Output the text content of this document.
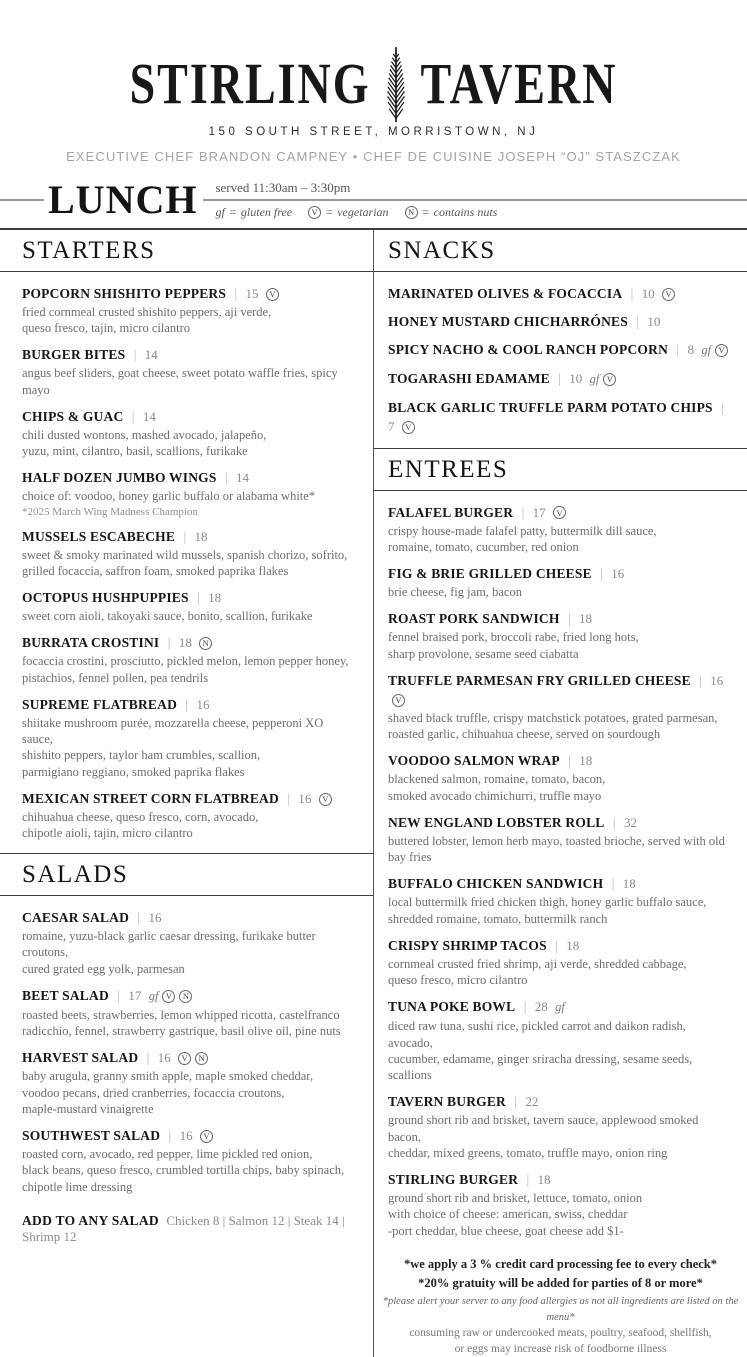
STIRLING TAVERN
150 SOUTH STREET, MORRISTOWN, NJ
EXECUTIVE CHEF BRANDON CAMPNEY • CHEF DE CUISINE JOSEPH “OJ” STASZCZAK
LUNCH	served 11:30am – 3:30pm
gf = gluten free	V = vegetarian	N = contains nuts
STARTERS
POPCORN SHISHITO PEPPERS | 15 V
fried cornmeal crusted shishito peppers, aji verde,
queso fresco, tajin, micro cilantro
BURGER BITES | 14
angus beef sliders, goat cheese, sweet potato waffle fries, spicy mayo
CHIPS & GUAC | 14
chili dusted wontons, mashed avocado, jalapeño,
yuzu, mint, cilantro, basil, scallions, furikake
HALF DOZEN JUMBO WINGS | 14
choice of: voodoo, honey garlic buffalo or alabama white*
*2025 March Wing Madness Champion
MUSSELS ESCABECHE | 18
sweet & smoky marinated wild mussels, spanish chorizo, sofrito,
grilled focaccia, saffron foam, smoked paprika flakes
OCTOPUS HUSHPUPPIES | 18
sweet corn aioli, takoyaki sauce, bonito, scallion, furikake
BURRATA CROSTINI | 18 N
focaccia crostini, prosciutto, pickled melon, lemon pepper honey,
pistachios, fennel pollen, pea tendrils
SUPREME FLATBREAD | 16
shiitake mushroom purée, mozzarella cheese, pepperoni XO sauce,
shishito peppers, taylor ham crumbles, scallion,
parmigiano reggiano, smoked paprika flakes
MEXICAN STREET CORN FLATBREAD | 16 V
chihuahua cheese, queso fresco, corn, avocado,
chipotle aioli, tajin, micro cilantro
SALADS
CAESAR SALAD | 16
romaine, yuzu-black garlic caesar dressing, furikake butter croutons,
cured grated egg yolk, parmesan
BEET SALAD | 17 gf V N
roasted beets, strawberries, lemon whipped ricotta, castelfranco
radicchio, fennel, strawberry gastrique, basil olive oil, pine nuts
HARVEST SALAD | 16 V N
baby arugula, granny smith apple, maple smoked cheddar,
voodoo pecans, dried cranberries, focaccia croutons,
maple-mustard vinaigrette
SOUTHWEST SALAD | 16 V
roasted corn, avocado, red pepper, lime pickled red onion,
black beans, queso fresco, crumbled tortilla chips, baby spinach,
chipotle lime dressing
ADD TO ANY SALAD Chicken 8 | Salmon 12 | Steak 14 | Shrimp 12
SNACKS
MARINATED OLIVES & FOCACCIA | 10 V
HONEY MUSTARD CHICHARRÓNES | 10
SPICY NACHO & COOL RANCH POPCORN | 8 gf V
TOGARASHI EDAMAME | 10 gf V
BLACK GARLIC TRUFFLE PARM POTATO CHIPS | 7 V
ENTREES
FALAFEL BURGER | 17 V
crispy house-made falafel patty, buttermilk dill sauce,
romaine, tomato, cucumber, red onion
FIG & BRIE GRILLED CHEESE | 16
brie cheese, fig jam, bacon
ROAST PORK SANDWICH | 18
fennel braised pork, broccoli rabe, fried long hots,
sharp provolone, sesame seed ciabatta
TRUFFLE PARMESAN FRY GRILLED CHEESE | 16 V
shaved black truffle, crispy matchstick potatoes, grated parmesan,
roasted garlic, chihuahua cheese, served on sourdough
VOODOO SALMON WRAP | 18
blackened salmon, romaine, tomato, bacon,
smoked avocado chimichurri, truffle mayo
NEW ENGLAND LOBSTER ROLL | 32
buttered lobster, lemon herb mayo, toasted brioche, served with old bay fries
BUFFALO CHICKEN SANDWICH | 18
local buttermilk fried chicken thigh, honey garlic buffalo sauce,
shredded romaine, tomato, buttermilk ranch
CRISPY SHRIMP TACOS | 18
cornmeal crusted fried shrimp, aji verde, shredded cabbage,
queso fresco, micro cilantro
TUNA POKE BOWL | 28 gf
diced raw tuna, sushi rice, pickled carrot and daikon radish, avocado,
cucumber, edamame, ginger sriracha dressing, sesame seeds, scallions
TAVERN BURGER | 22
ground short rib and brisket, tavern sauce, applewood smoked bacon,
cheddar, mixed greens, tomato, truffle mayo, onion ring
STIRLING BURGER | 18
ground short rib and brisket, lettuce, tomato, onion
with choice of cheese: american, swiss, cheddar
-port cheddar, blue cheese, goat cheese add $1-
*we apply a 3 % credit card processing fee to every check*
*20% gratuity will be added for parties of 8 or more*
*please alert your server to any food allergies as not all ingredients are listed on the menu*
consuming raw or undercooked meats, poultry, seafood, shellfish,
or eggs may increase risk of foodborne illness
